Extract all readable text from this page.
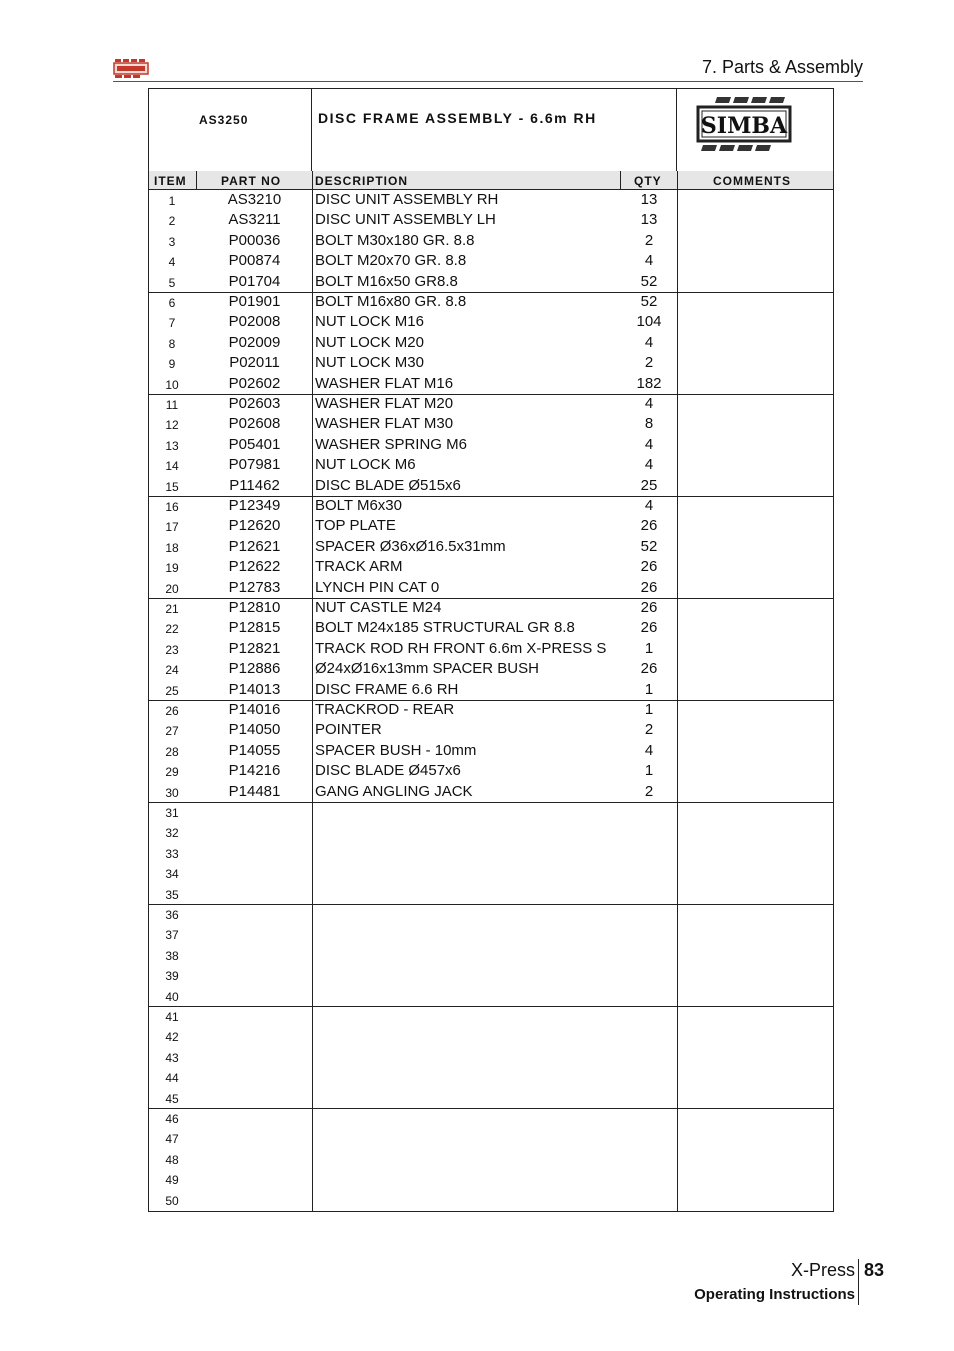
7. Parts & Assembly
AS3250	DISC FRAME ASSEMBLY - 6.6m RH	SIMBA
ITEM	PART NO	DESCRIPTION	QTY	COMMENTS
1	AS3210	DISC UNIT ASSEMBLY RH	13
2	AS3211	DISC UNIT ASSEMBLY LH	13
3	P00036	BOLT M30x180 GR. 8.8	2
4	P00874	BOLT M20x70 GR. 8.8	4
5	P01704	BOLT M16x50 GR8.8	52
6	P01901	BOLT M16x80 GR. 8.8	52
7	P02008	NUT LOCK M16	104
8	P02009	NUT LOCK M20	4
9	P02011	NUT LOCK M30	2
10	P02602	WASHER FLAT M16	182
11	P02603	WASHER FLAT M20	4
12	P02608	WASHER FLAT M30	8
13	P05401	WASHER SPRING M6	4
14	P07981	NUT LOCK M6	4
15	P11462	DISC BLADE Ø515x6	25
16	P12349	BOLT M6x30	4
17	P12620	TOP PLATE	26
18	P12621	SPACER Ø36xØ16.5x31mm	52
19	P12622	TRACK ARM	26
20	P12783	LYNCH PIN CAT 0	26
21	P12810	NUT CASTLE M24	26
22	P12815	BOLT M24x185 STRUCTURAL GR 8.8	26
23	P12821	TRACK ROD RH FRONT 6.6m X-PRESS S	1
24	P12886	Ø24xØ16x13mm SPACER BUSH	26
25	P14013	DISC FRAME 6.6 RH	1
26	P14016	TRACKROD - REAR	1
27	P14050	POINTER	2
28	P14055	SPACER BUSH - 10mm	4
29	P14216	DISC BLADE Ø457x6	1
30	P14481	GANG ANGLING JACK	2
31
32
33
34
35
36
37
38
39
40
41
42
43
44
45
46
47
48
49
50
X-Press 83
Operating Instructions
